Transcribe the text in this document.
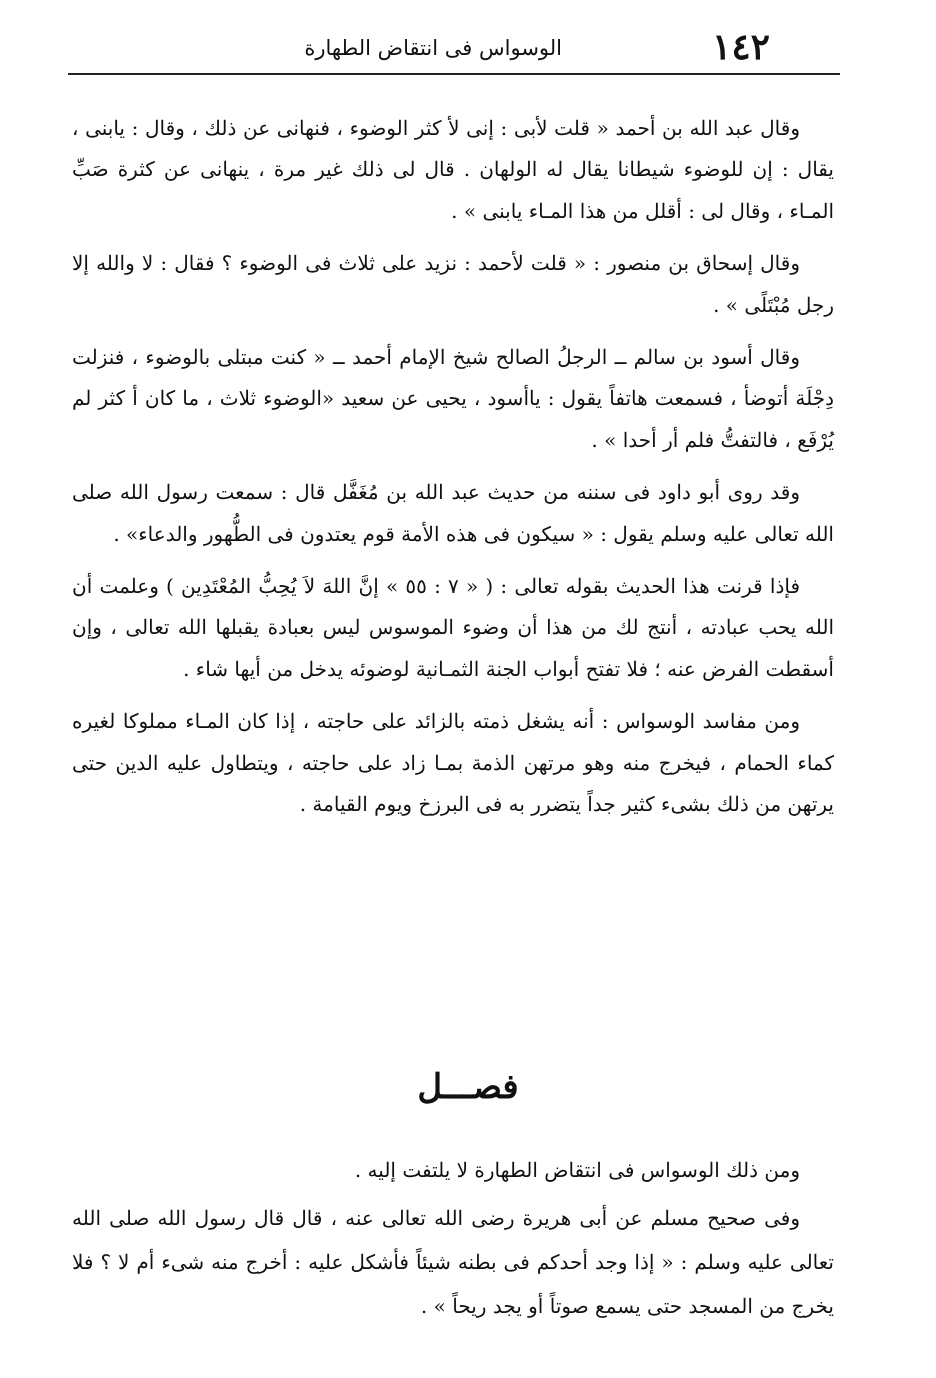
١٤٢
الوسواس فى انتقاض الطهارة

وقال عبد الله بن أحمد « قلت لأبى : إنى لأ كثر الوضوء ، فنهانى عن ذلك ، وقال : يابنى ، يقال : إن للوضوء شيطانا يقال له الولهان . قال لى ذلك غير مرة ، ينهانى عن كثرة صَبِّ المـاء ، وقال لى : أقلل من هذا المـاء يابنى » .

وقال إسحاق بن منصور : « قلت لأحمد : نزيد على ثلاث فى الوضوء ؟ فقال : لا والله إلا رجل مُبْتَلًى » .

وقال أسود بن سالم ــ الرجلُ الصالح شيخ الإمام أحمد ــ « كنت مبتلى بالوضوء ، فنزلت دِجْلَة أتوضأ ، فسمعت هاتفاً يقول : ياأسود ، يحيى عن سعيد «الوضوء ثلاث ، ما كان أ كثر لم يُرْفَع ، فالتفتُّ فلم أر أحدا » .

وقد روى أبو داود فى سننه من حديث عبد الله بن مُغَفَّل قال : سمعت رسول الله صلى الله تعالى عليه وسلم يقول : « سيكون فى هذه الأمة قوم يعتدون فى الطُّهور والدعاء» .

فإذا قرنت هذا الحديث بقوله تعالى : ( « ٧ : ٥٥ » إنَّ اللهَ لاَ يُحِبُّ المُعْتَدِين ) وعلمت أن الله يحب عبادته ، أنتج لك من هذا أن وضوء الموسوس ليس بعبادة يقبلها الله تعالى ، وإن أسقطت الفرض عنه ؛ فلا تفتح أبواب الجنة الثمـانية لوضوئه يدخل من أيها شاء .

ومن مفاسد الوسواس : أنه يشغل ذمته بالزائد على حاجته ، إذا كان المـاء مملوكا لغيره كماء الحمام ، فيخرج منه وهو مرتهن الذمة بمـا زاد على حاجته ، ويتطاول عليه الدين حتى يرتهن من ذلك بشىء كثير جداً يتضرر به فى البرزخ ويوم القيامة .

فصـــل

ومن ذلك الوسواس فى انتقاض الطهارة لا يلتفت إليه .

وفى صحيح مسلم عن أبى هريرة رضى الله تعالى عنه ، قال قال رسول الله صلى الله تعالى عليه وسلم : « إذا وجد أحدكم فى بطنه شيئاً فأشكل عليه : أخرج منه شىء أم لا ؟ فلا يخرج من المسجد حتى يسمع صوتاً أو يجد ريحاً » .
